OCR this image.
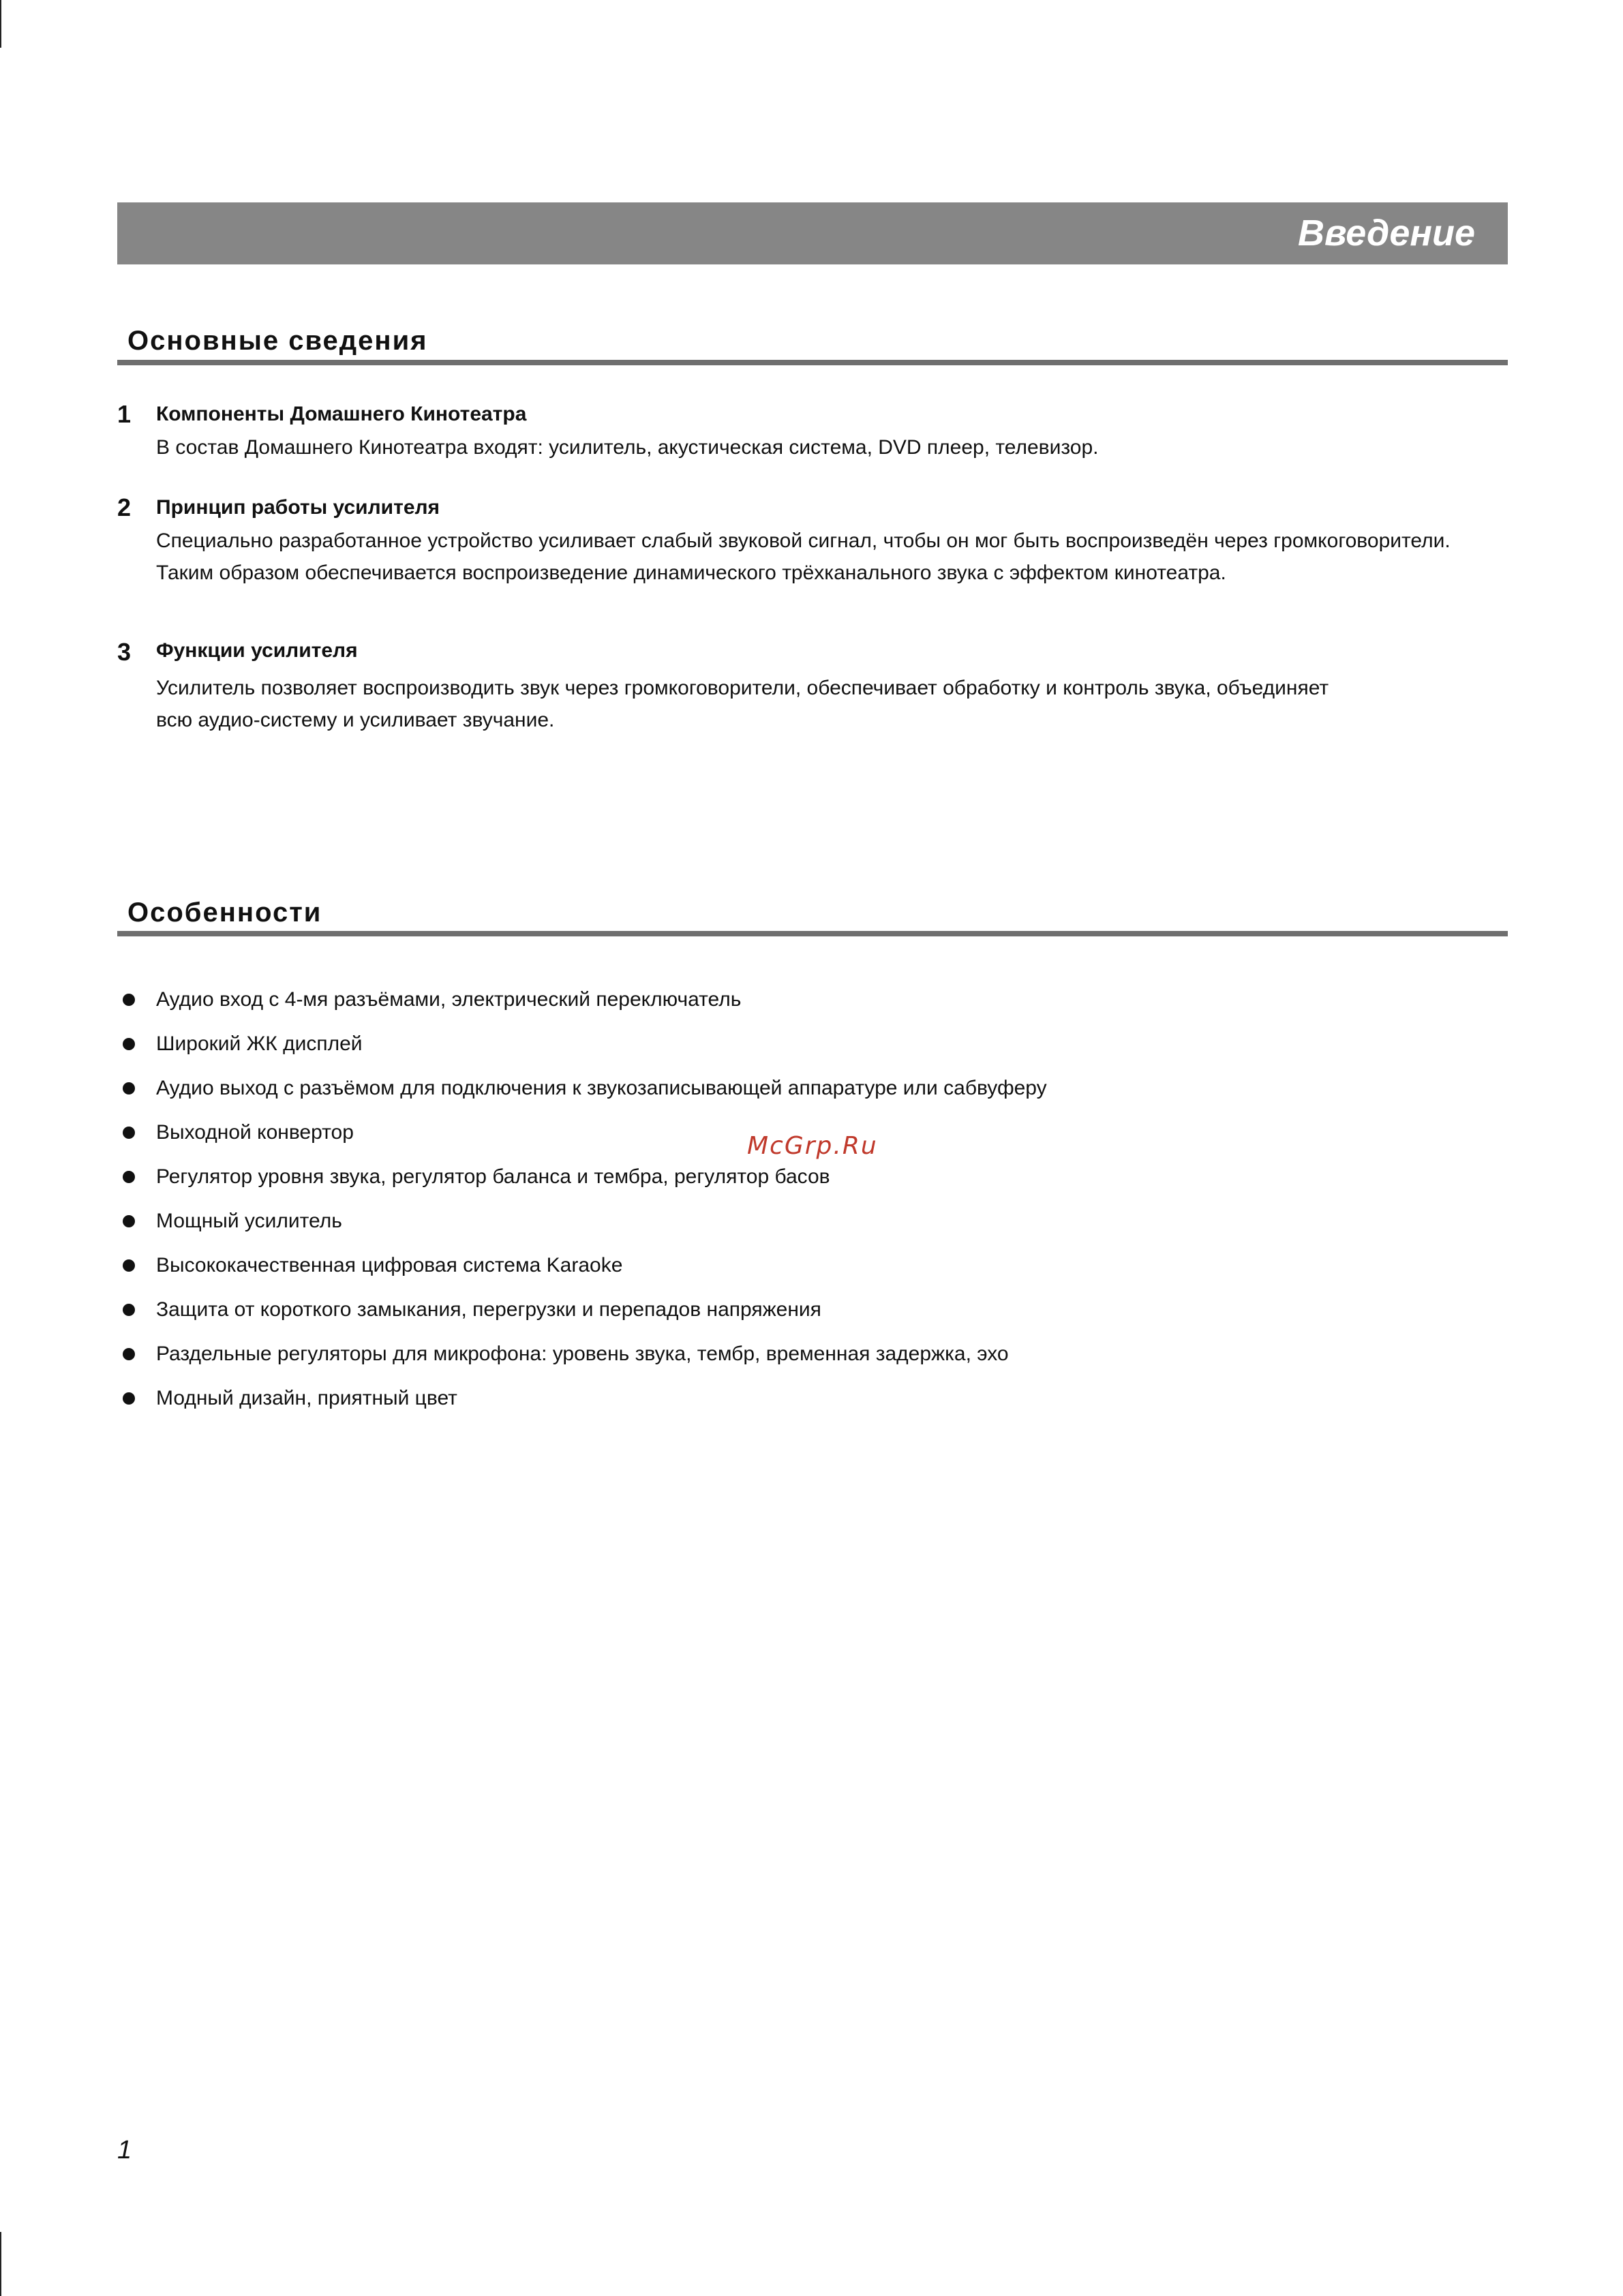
Введение
Основные сведения
1 Компоненты Домашнего Кинотеатра
В состав Домашнего Кинотеатра входят: усилитель, акустическая система, DVD плеер, телевизор.
2 Принцип работы усилителя
Специально разработанное устройство усиливает слабый звуковой сигнал, чтобы он мог быть воспроизведён через громкоговорители.
Таким образом обеспечивается воспроизведение динамического трёхканального звука с эффектом кинотеатра.
3 Функции усилителя
Усилитель позволяет воспроизводить звук через громкоговорители, обеспечивает обработку и контроль звука, объединяет
всю аудио-систему и усиливает звучание.
Особенности
Аудио вход с 4-мя разъёмами, электрический переключатель
Широкий ЖК дисплей
Аудио выход с разъёмом для подключения к звукозаписывающей аппаратуре или сабвуферу
Выходной конвертор
Регулятор уровня звука, регулятор баланса и тембра, регулятор басов
Мощный усилитель
Высококачественная цифровая система Karaoke
Защита от короткого замыкания, перегрузки и перепадов напряжения
Раздельные регуляторы для микрофона: уровень звука, тембр, временная задержка, эхо
Модный дизайн, приятный цвет
McGrp.Ru
1
